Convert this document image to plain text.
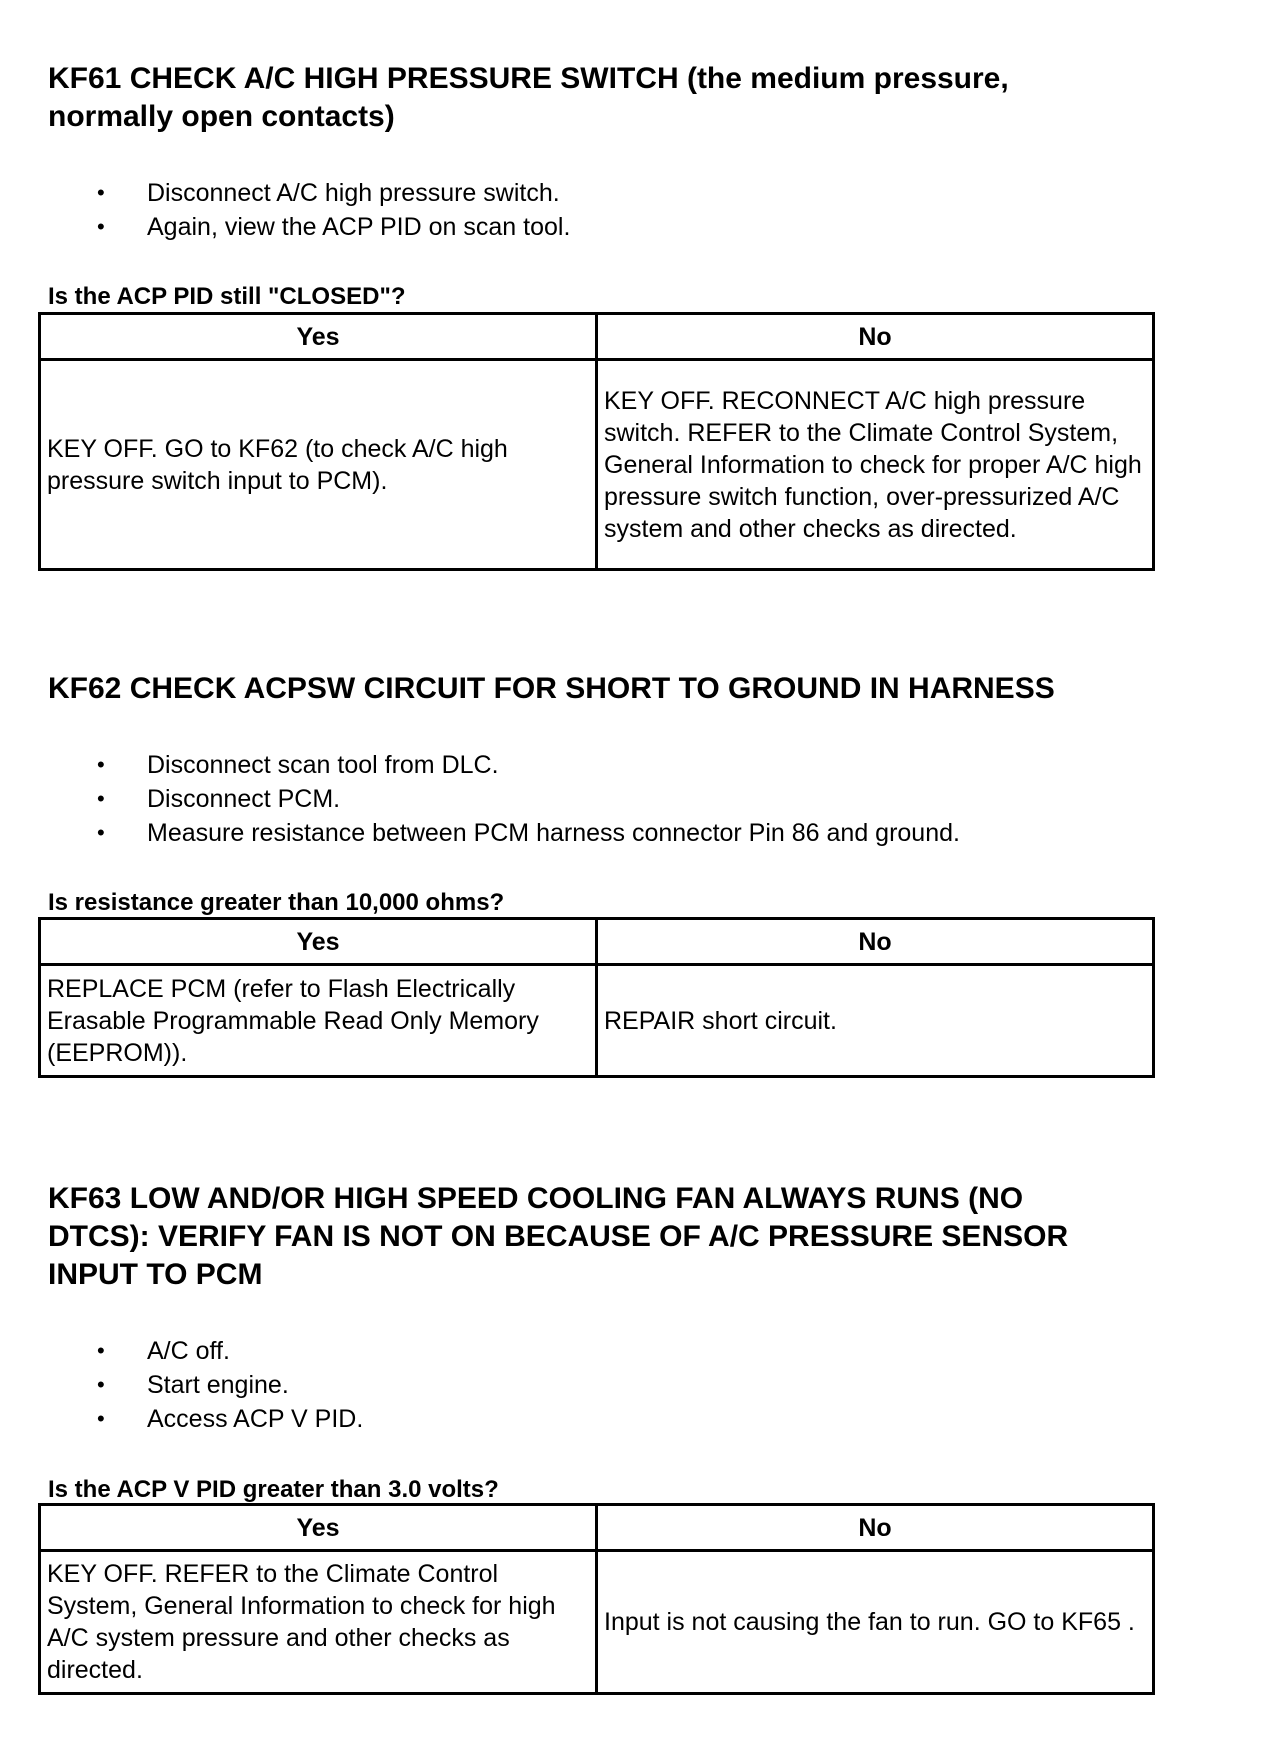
KF61 CHECK A/C HIGH PRESSURE SWITCH (the medium pressure,
normally open contacts)
• Disconnect A/C high pressure switch.
• Again, view the ACP PID on scan tool.
Is the ACP PID still "CLOSED"?
Yes	No
KEY OFF. GO to KF62 (to check A/C high pressure switch input to PCM).	KEY OFF. RECONNECT A/C high pressure switch. REFER to the Climate Control System, General Information to check for proper A/C high pressure switch function, over-pressurized A/C system and other checks as directed.
KF62 CHECK ACPSW CIRCUIT FOR SHORT TO GROUND IN HARNESS
• Disconnect scan tool from DLC.
• Disconnect PCM.
• Measure resistance between PCM harness connector Pin 86 and ground.
Is resistance greater than 10,000 ohms?
Yes	No
REPLACE PCM (refer to Flash Electrically Erasable Programmable Read Only Memory (EEPROM)).	REPAIR short circuit.
KF63 LOW AND/OR HIGH SPEED COOLING FAN ALWAYS RUNS (NO
DTCS): VERIFY FAN IS NOT ON BECAUSE OF A/C PRESSURE SENSOR
INPUT TO PCM
• A/C off.
• Start engine.
• Access ACP V PID.
Is the ACP V PID greater than 3.0 volts?
Yes	No
KEY OFF. REFER to the Climate Control System, General Information to check for high A/C system pressure and other checks as directed.	Input is not causing the fan to run. GO to KF65 .
